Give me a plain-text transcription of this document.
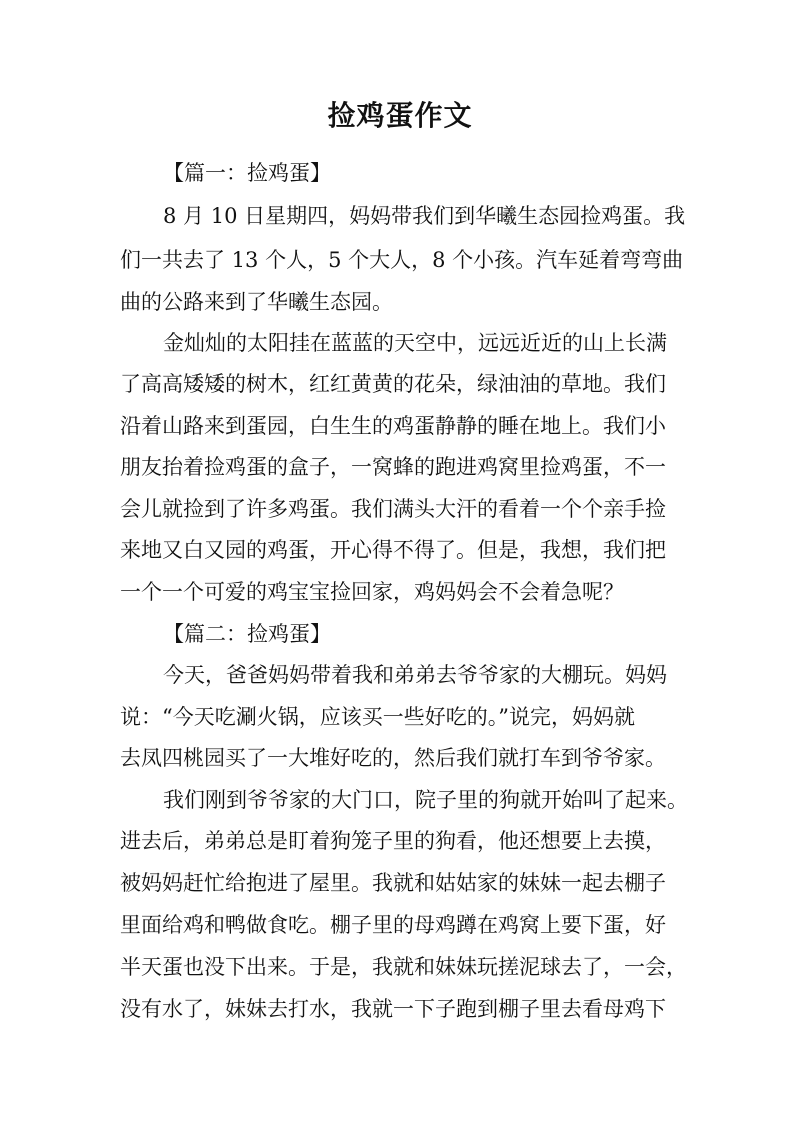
捡鸡蛋作文
【篇一：捡鸡蛋】
8 月 10 日星期四，妈妈带我们到华曦生态园捡鸡蛋。我
们一共去了 13 个人，5 个大人，8 个小孩。汽车延着弯弯曲
曲的公路来到了华曦生态园。
金灿灿的太阳挂在蓝蓝的天空中，远远近近的山上长满
了高高矮矮的树木，红红黄黄的花朵，绿油油的草地。我们
沿着山路来到蛋园，白生生的鸡蛋静静的睡在地上。我们小
朋友抬着捡鸡蛋的盒子，一窝蜂的跑进鸡窝里捡鸡蛋，不一
会儿就捡到了许多鸡蛋。我们满头大汗的看着一个个亲手捡
来地又白又园的鸡蛋，开心得不得了。但是，我想，我们把
一个一个可爱的鸡宝宝捡回家，鸡妈妈会不会着急呢？
【篇二：捡鸡蛋】
今天，爸爸妈妈带着我和弟弟去爷爷家的大棚玩。妈妈
说：“今天吃涮火锅，应该买一些好吃的。”说完，妈妈就
去凤四桃园买了一大堆好吃的，然后我们就打车到爷爷家。
我们刚到爷爷家的大门口，院子里的狗就开始叫了起来。
进去后，弟弟总是盯着狗笼子里的狗看，他还想要上去摸，
被妈妈赶忙给抱进了屋里。我就和姑姑家的妹妹一起去棚子
里面给鸡和鸭做食吃。棚子里的母鸡蹲在鸡窝上要下蛋，好
半天蛋也没下出来。于是，我就和妹妹玩搓泥球去了，一会，
没有水了，妹妹去打水，我就一下子跑到棚子里去看母鸡下
